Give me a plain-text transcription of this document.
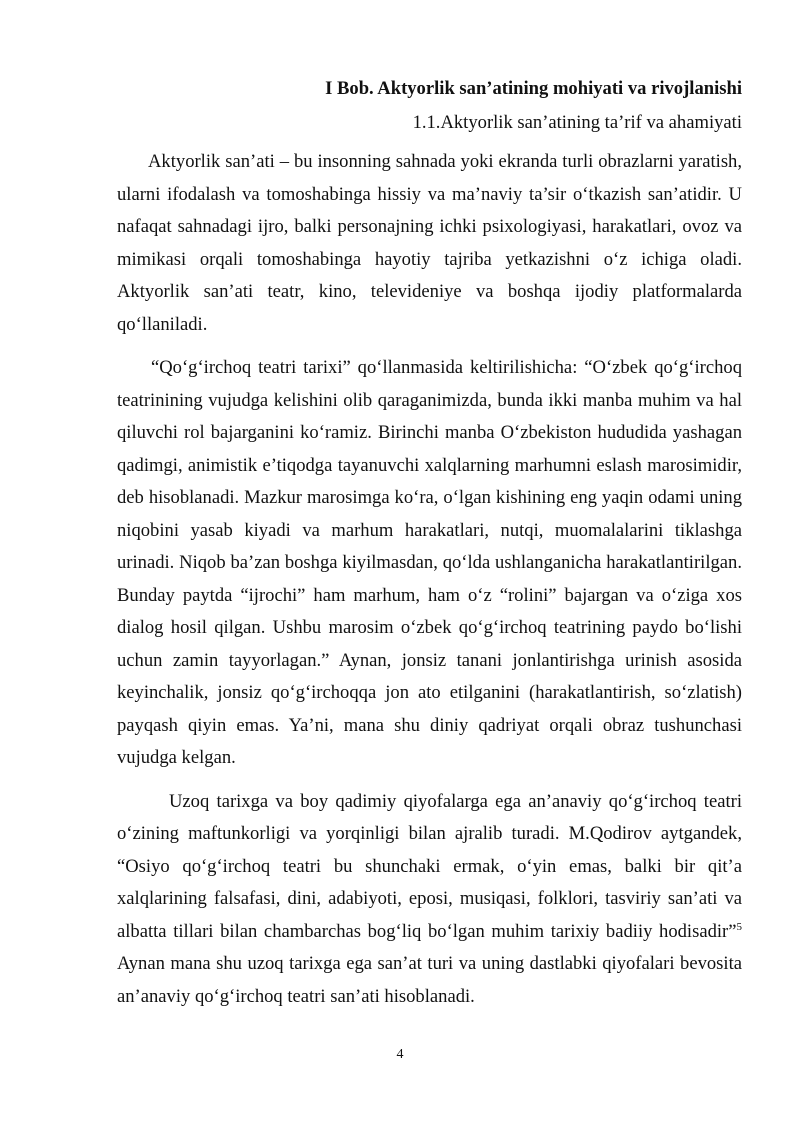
I Bob. Aktyorlik san’atining mohiyati va rivojlanishi
1.1.Aktyorlik san’atining ta’rif va ahamiyati

Aktyorlik san’ati – bu insonning sahnada yoki ekranda turli obrazlarni yaratish, ularni ifodalash va tomoshabinga hissiy va ma’naviy ta’sir o‘tkazish san’atidir. U nafaqat sahnadagi ijro, balki personajning ichki psixologiyasi, harakatlari, ovoz va mimikasi orqali tomoshabinga hayotiy tajriba yetkazishni o‘z ichiga oladi. Aktyorlik san’ati teatr, kino, televideniye va boshqa ijodiy platformalarda qo‘llaniladi.

“Qo‘g‘irchoq teatri tarixi” qo‘llanmasida keltirilishicha: “O‘zbek qo‘g‘irchoq teatrinining vujudga kelishini olib qaraganimizda, bunda ikki manba muhim va hal qiluvchi rol bajarganini ko‘ramiz. Birinchi manba O‘zbekiston hududida yashagan qadimgi, animistik e’tiqodga tayanuvchi xalqlarning marhumni eslash marosimidir, deb hisoblanadi. Mazkur marosimga ko‘ra, o‘lgan kishining eng yaqin odami uning niqobini yasab kiyadi va marhum harakatlari, nutqi, muomalalarini tiklashga urinadi. Niqob ba’zan boshga kiyilmasdan, qo‘lda ushlanganicha harakatlantirilgan. Bunday paytda “ijrochi” ham marhum, ham o‘z “rolini” bajargan va o‘ziga xos dialog hosil qilgan. Ushbu marosim o‘zbek qo‘g‘irchoq teatrining paydo bo‘lishi uchun zamin tayyorlagan.” Aynan, jonsiz tanani jonlantirishga urinish asosida keyinchalik, jonsiz qo‘g‘irchoqqa jon ato etilganini (harakatlantirish, so‘zlatish) payqash qiyin emas. Ya’ni, mana shu diniy qadriyat orqali obraz tushunchasi vujudga kelgan.

Uzoq tarixga va boy qadimiy qiyofalarga ega an’anaviy qo‘g‘irchoq teatri o‘zining maftunkorligi va yorqinligi bilan ajralib turadi. M.Qodirov aytgandek, “Osiyo qo‘g‘irchoq teatri bu shunchaki ermak, o‘yin emas, balki bir qit’a xalqlarining falsafasi, dini, adabiyoti, eposi, musiqasi, folklori, tasviriy san’ati va albatta tillari bilan chambarchas bog‘liq bo‘lgan muhim tarixiy badiiy hodisadir”$^5$ Aynan mana shu uzoq tarixga ega san’at turi va uning dastlabki qiyofalari bevosita an’anaviy qo‘g‘irchoq teatri san’ati hisoblanadi.

4
